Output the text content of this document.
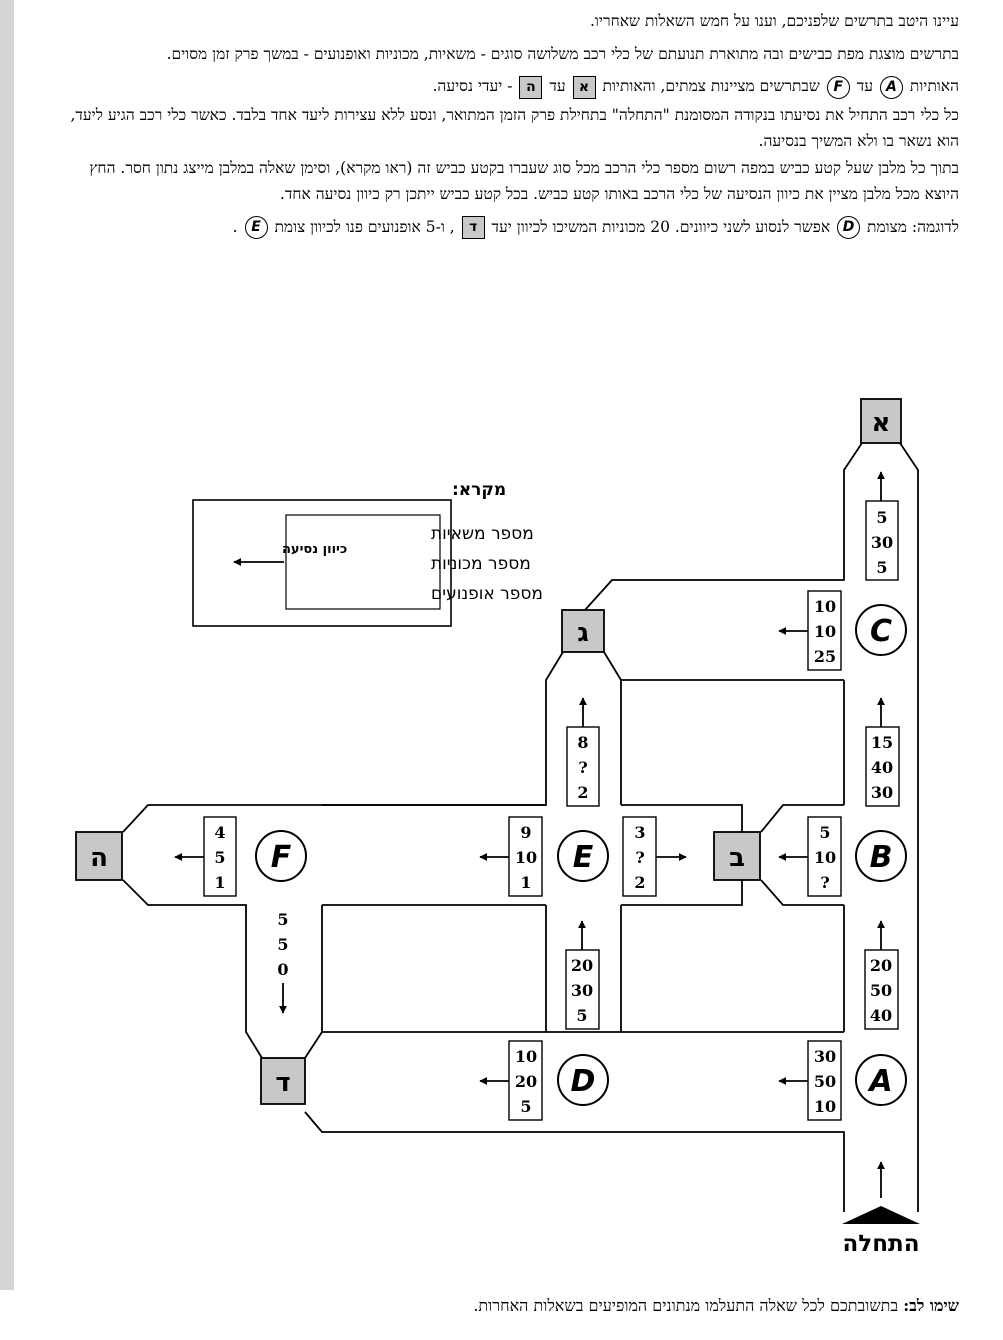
עיינו היטב בתרשים שלפניכם, וענו על חמש השאלות שאחריו.

בתרשים מוצגת מפת כבישים ובה מתוארת תנועתם של כלי רכב משלושה סוגים - משאיות, מכוניות ואופנועים - במשך פרק זמן מסוים.

האותיות A עד F שבתרשים מציינות צמתים, והאותיות א עד ה - יעדי נסיעה.

כל כלי רכב התחיל את נסיעתו בנקודה המסומנת "התחלה" בתחילת פרק הזמן המתואר, ונסע ללא עצירות ליעד אחד בלבד. כאשר כלי רכב הגיע ליעד, הוא נשאר בו ולא המשיך בנסיעה.

בתוך כל מלבן שעל קטע כביש במפה רשום מספר כלי הרכב מכל סוג שעברו בקטע כביש זה (ראו מקרא), וסימן שאלה במלבן מייצג נתון חסר. החץ היוצא מכל מלבן מציין את כיוון הנסיעה של כלי הרכב באותו קטע כביש. בכל קטע כביש ייתכן רק כיוון נסיעה אחד.

לדוגמה: מצומת D אפשר לנסוע לשני כיוונים. 20 מכוניות המשיכו לכיוון יעד ד , ו-5 אופנועים פנו לכיוון צומת E .

א
ג
ב
ה
ד
C
B
A
E
D
F
5
30
5
10
10
25
15
40
30
5
10
?
20
50
40
30
50
10
8
?
2
3
?
2
9
10
1
20
30
5
10
20
5
4
5
1
5
5
0
מקרא:
מספר משאיות
מספר מכוניות
מספר אופנועים
כיוון נסיעה
התחלה
שימו לב: בתשובתכם לכל שאלה התעלמו מנתונים המופיעים בשאלות האחרות.
